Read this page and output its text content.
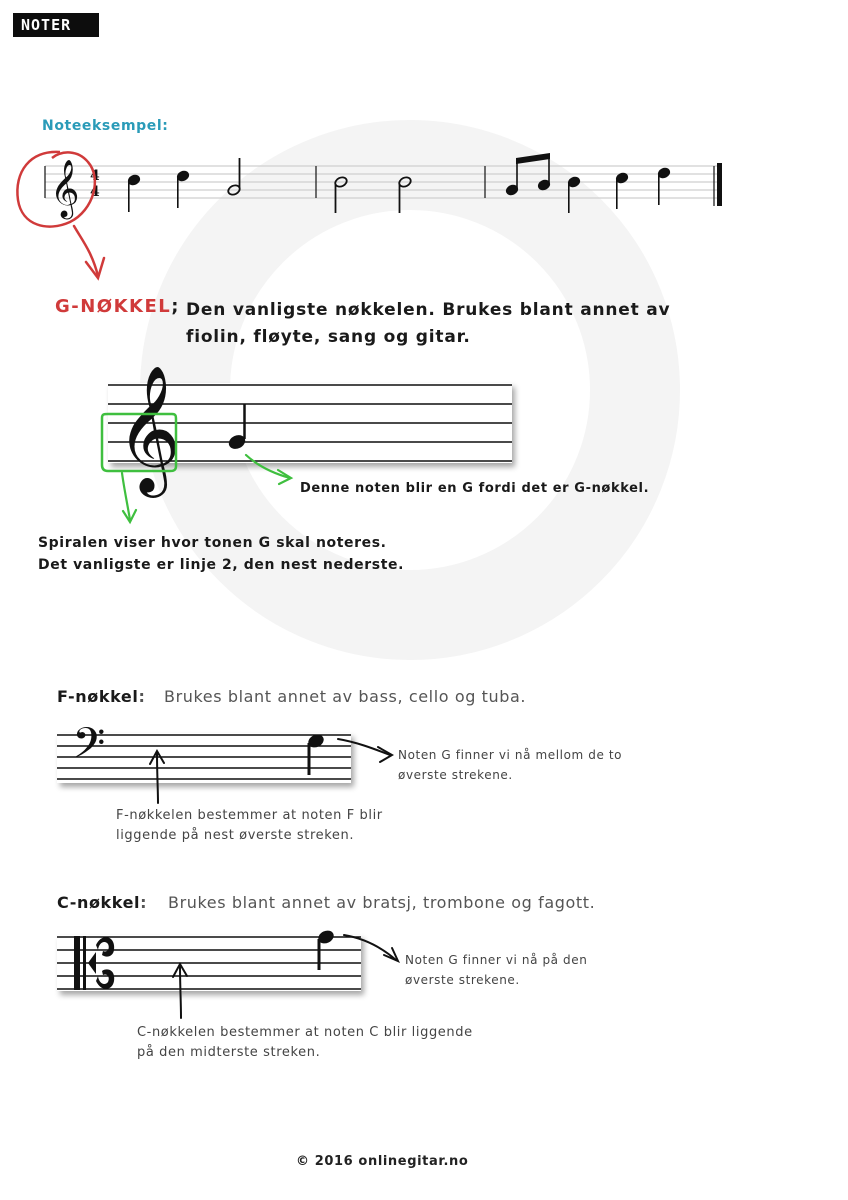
NOTER
𝄞 4
4
𝄞
𝄢
Noteeksempel:
G-NØKKEL; Den vanligste nøkkelen. Brukes blant annet av
fiolin, fløyte, sang og gitar.
Denne noten blir en G fordi det er G-nøkkel.
Spiralen viser hvor tonen G skal noteres.
Det vanligste er linje 2, den nest nederste.
F-nøkkel: Brukes blant annet av bass, cello og tuba.
Noten G finner vi nå mellom de to
øverste strekene.
F-nøkkelen bestemmer at noten F blir
liggende på nest øverste streken.
C-nøkkel: Brukes blant annet av bratsj, trombone og fagott.
Noten G finner vi nå på den
øverste strekene.
C-nøkkelen bestemmer at noten C blir liggende
på den midterste streken.
© 2016 onlinegitar.no
